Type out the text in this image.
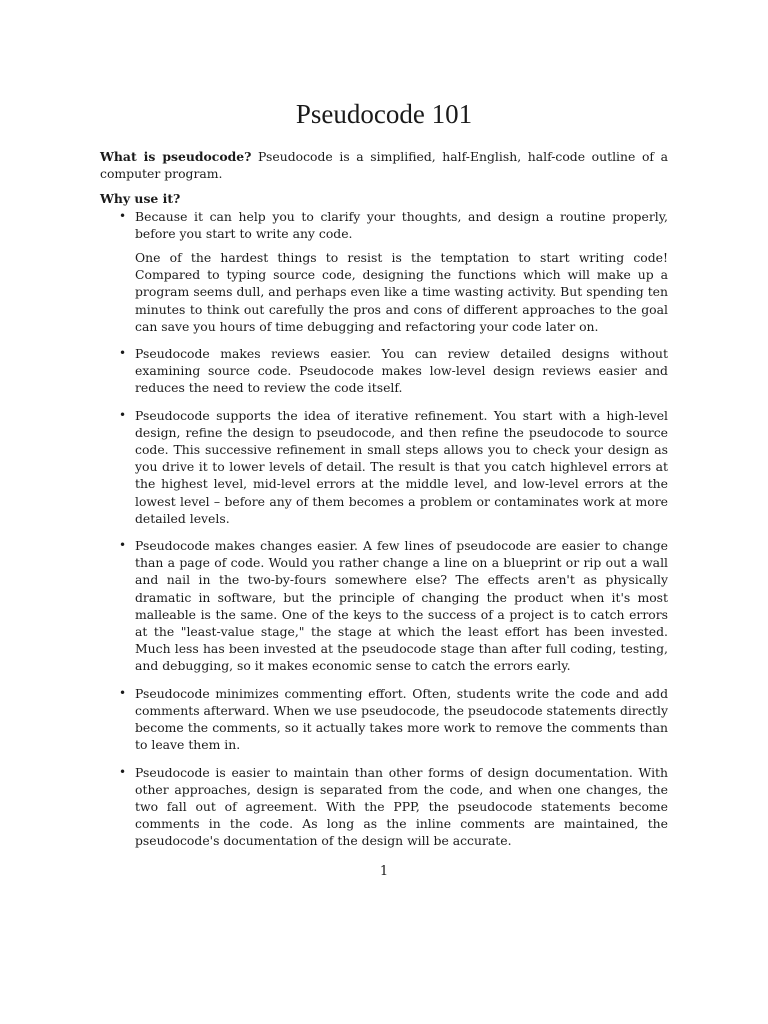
Pseudocode 101

What is pseudocode? Pseudocode is a simplified, half-English, half-code outline of a computer program.

Why use it?

• Because it can help you to clarify your thoughts, and design a routine properly, before you start to write any code.

One of the hardest things to resist is the temptation to start writing code! Compared to typing source code, designing the functions which will make up a program seems dull, and perhaps even like a time wasting activity. But spending ten minutes to think out carefully the pros and cons of different approaches to the goal can save you hours of time debugging and refactoring your code later on.

• Pseudocode makes reviews easier. You can review detailed designs without examining source code. Pseudocode makes low-level design reviews easier and reduces the need to review the code itself.

• Pseudocode supports the idea of iterative refinement. You start with a high-level design, refine the design to pseudocode, and then refine the pseudocode to source code. This successive refinement in small steps allows you to check your design as you drive it to lower levels of detail. The result is that you catch highlevel errors at the highest level, mid-level errors at the middle level, and low-level errors at the lowest level – before any of them becomes a problem or contaminates work at more detailed levels.

• Pseudocode makes changes easier. A few lines of pseudocode are easier to change than a page of code. Would you rather change a line on a blueprint or rip out a wall and nail in the two-by-fours somewhere else? The effects aren't as physically dramatic in software, but the principle of changing the product when it's most malleable is the same. One of the keys to the success of a project is to catch errors at the "least-value stage," the stage at which the least effort has been invested. Much less has been invested at the pseudocode stage than after full coding, testing, and debugging, so it makes economic sense to catch the errors early.

• Pseudocode minimizes commenting effort. Often, students write the code and add comments afterward. When we use pseudocode, the pseudocode statements directly become the comments, so it actually takes more work to remove the comments than to leave them in.

• Pseudocode is easier to maintain than other forms of design documentation. With other approaches, design is separated from the code, and when one changes, the two fall out of agreement. With the PPP, the pseudocode statements become comments in the code. As long as the inline comments are maintained, the pseudocode's documentation of the design will be accurate.

1
